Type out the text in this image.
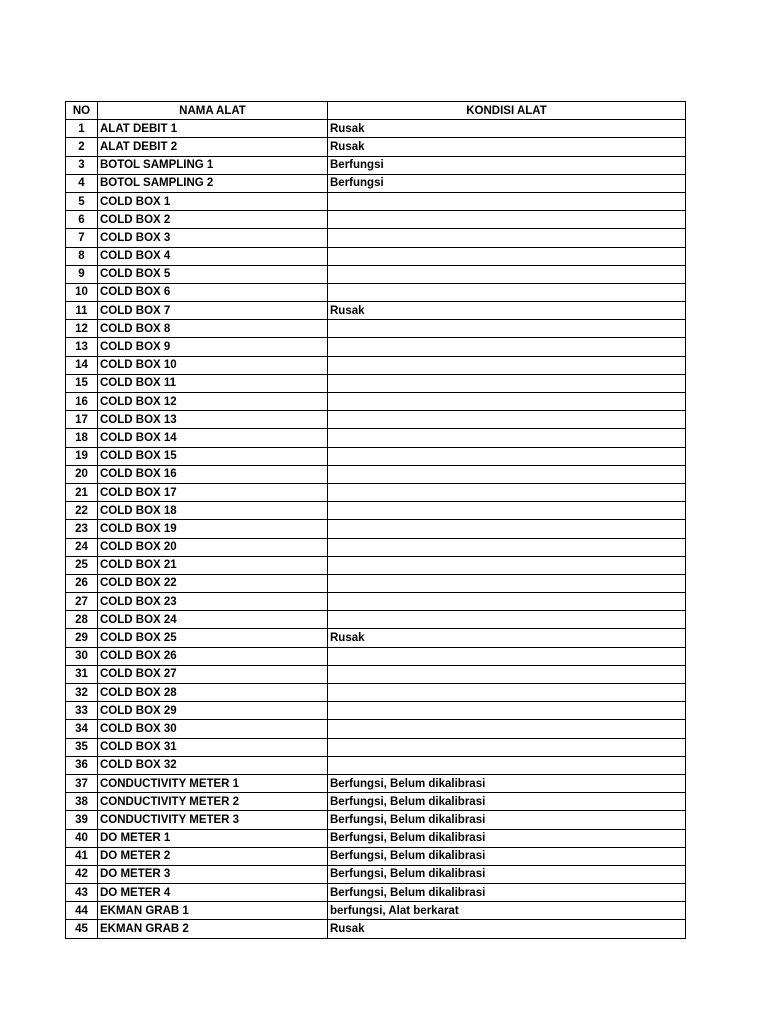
NO	NAMA ALAT	KONDISI ALAT
1	ALAT DEBIT 1	Rusak
2	ALAT DEBIT 2	Rusak
3	BOTOL SAMPLING 1	Berfungsi
4	BOTOL SAMPLING 2	Berfungsi
5	COLD BOX 1	
6	COLD BOX 2	
7	COLD BOX 3	
8	COLD BOX 4	
9	COLD BOX 5	
10	COLD BOX 6	
11	COLD BOX 7	Rusak
12	COLD BOX 8	
13	COLD BOX 9	
14	COLD BOX 10	
15	COLD BOX 11	
16	COLD BOX 12	
17	COLD BOX 13	
18	COLD BOX 14	
19	COLD BOX 15	
20	COLD BOX 16	
21	COLD BOX 17	
22	COLD BOX 18	
23	COLD BOX 19	
24	COLD BOX 20	
25	COLD BOX 21	
26	COLD BOX 22	
27	COLD BOX 23	
28	COLD BOX 24	
29	COLD BOX 25	Rusak
30	COLD BOX 26	
31	COLD BOX 27	
32	COLD BOX 28	
33	COLD BOX 29	
34	COLD BOX 30	
35	COLD BOX 31	
36	COLD BOX 32	
37	CONDUCTIVITY METER 1	Berfungsi, Belum dikalibrasi
38	CONDUCTIVITY METER 2	Berfungsi, Belum dikalibrasi
39	CONDUCTIVITY METER 3	Berfungsi, Belum dikalibrasi
40	DO METER 1	Berfungsi, Belum dikalibrasi
41	DO METER 2	Berfungsi, Belum dikalibrasi
42	DO METER 3	Berfungsi, Belum dikalibrasi
43	DO METER 4	Berfungsi, Belum dikalibrasi
44	EKMAN GRAB 1	berfungsi, Alat berkarat
45	EKMAN GRAB 2	Rusak
